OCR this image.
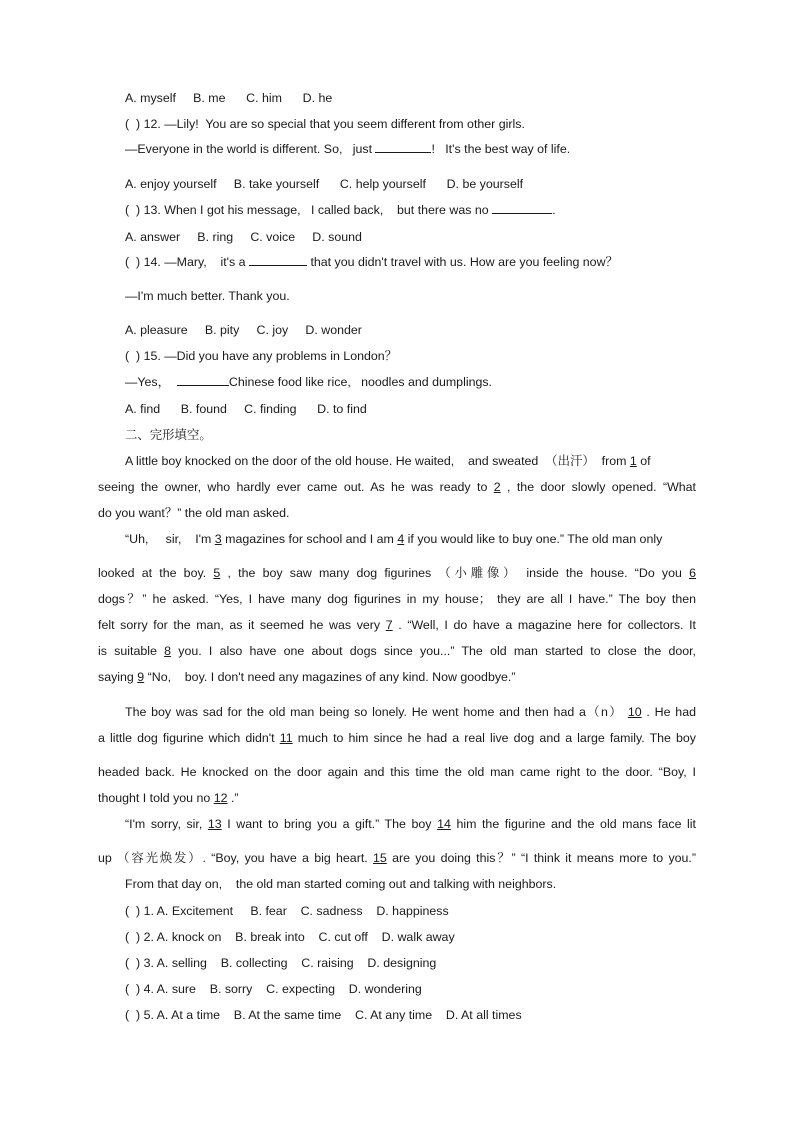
A. myself     B. me      C. him      D. he
(  ) 12. —Lily!  You are so special that you seem different from other girls.
—Everyone in the world is different. So,   just	!   It's the best way of life.
A. enjoy yourself     B. take yourself      C. help yourself      D. be yourself
(  ) 13. When I got his message,   I called back,    but there was no	.
A. answer     B. ring     C. voice     D. sound
(  ) 14. —Mary,    it's a	that you didn't travel with us. How are you feeling now？
—I'm much better. Thank you.
A. pleasure     B. pity     C. joy     D. wonder
(  ) 15. —Did you have any problems in London？
—Yes，	Chinese food like rice,   noodles and dumplings.
A. find      B. found     C. finding      D. to find
二、完形填空。
A little boy knocked on the door of the old house. He waited,    and sweated  （出汗）  from 1 of
seeing the owner, who hardly ever came out. As he was ready to 2 , the door slowly opened. “What
do you want？” the old man asked.
“Uh,     sir,    I'm 3 magazines for school and I am 4 if you would like to buy one.” The old man only
looked at the boy. 5 , the boy saw many dog figurines （小雕像） inside the house. “Do you 6
dogs？” he asked. “Yes, I have many dog figurines in my house； they are all I have.” The boy then
felt sorry for the man, as it seemed he was very 7 . “Well, I do have a magazine here for collectors. It
is suitable 8 you. I also have one about dogs since you...” The old man started to close the door,
saying 9 “No,    boy. I don't need any magazines of any kind. Now goodbye.”
The boy was sad for the old man being so lonely. He went home and then had a（n） 10 . He had
a little dog figurine which didn't 11 much to him since he had a real live dog and a large family. The boy
headed back. He knocked on the door again and this time the old man came right to the door. “Boy, I
thought I told you no 12 .”
“I'm sorry, sir, 13 I want to bring you a gift.” The boy 14 him the figurine and the old mans face lit
up （容光焕发）. “Boy, you have a big heart. 15 are you doing this？” “I think it means more to you.”
From that day on,    the old man started coming out and talking with neighbors.
(  ) 1. A. Excitement     B. fear    C. sadness    D. happiness
(  ) 2. A. knock on    B. break into    C. cut off    D. walk away
(  ) 3. A. selling    B. collecting    C. raising    D. designing
(  ) 4. A. sure    B. sorry    C. expecting    D. wondering
(  ) 5. A. At a time    B. At the same time    C. At any time    D. At all times
